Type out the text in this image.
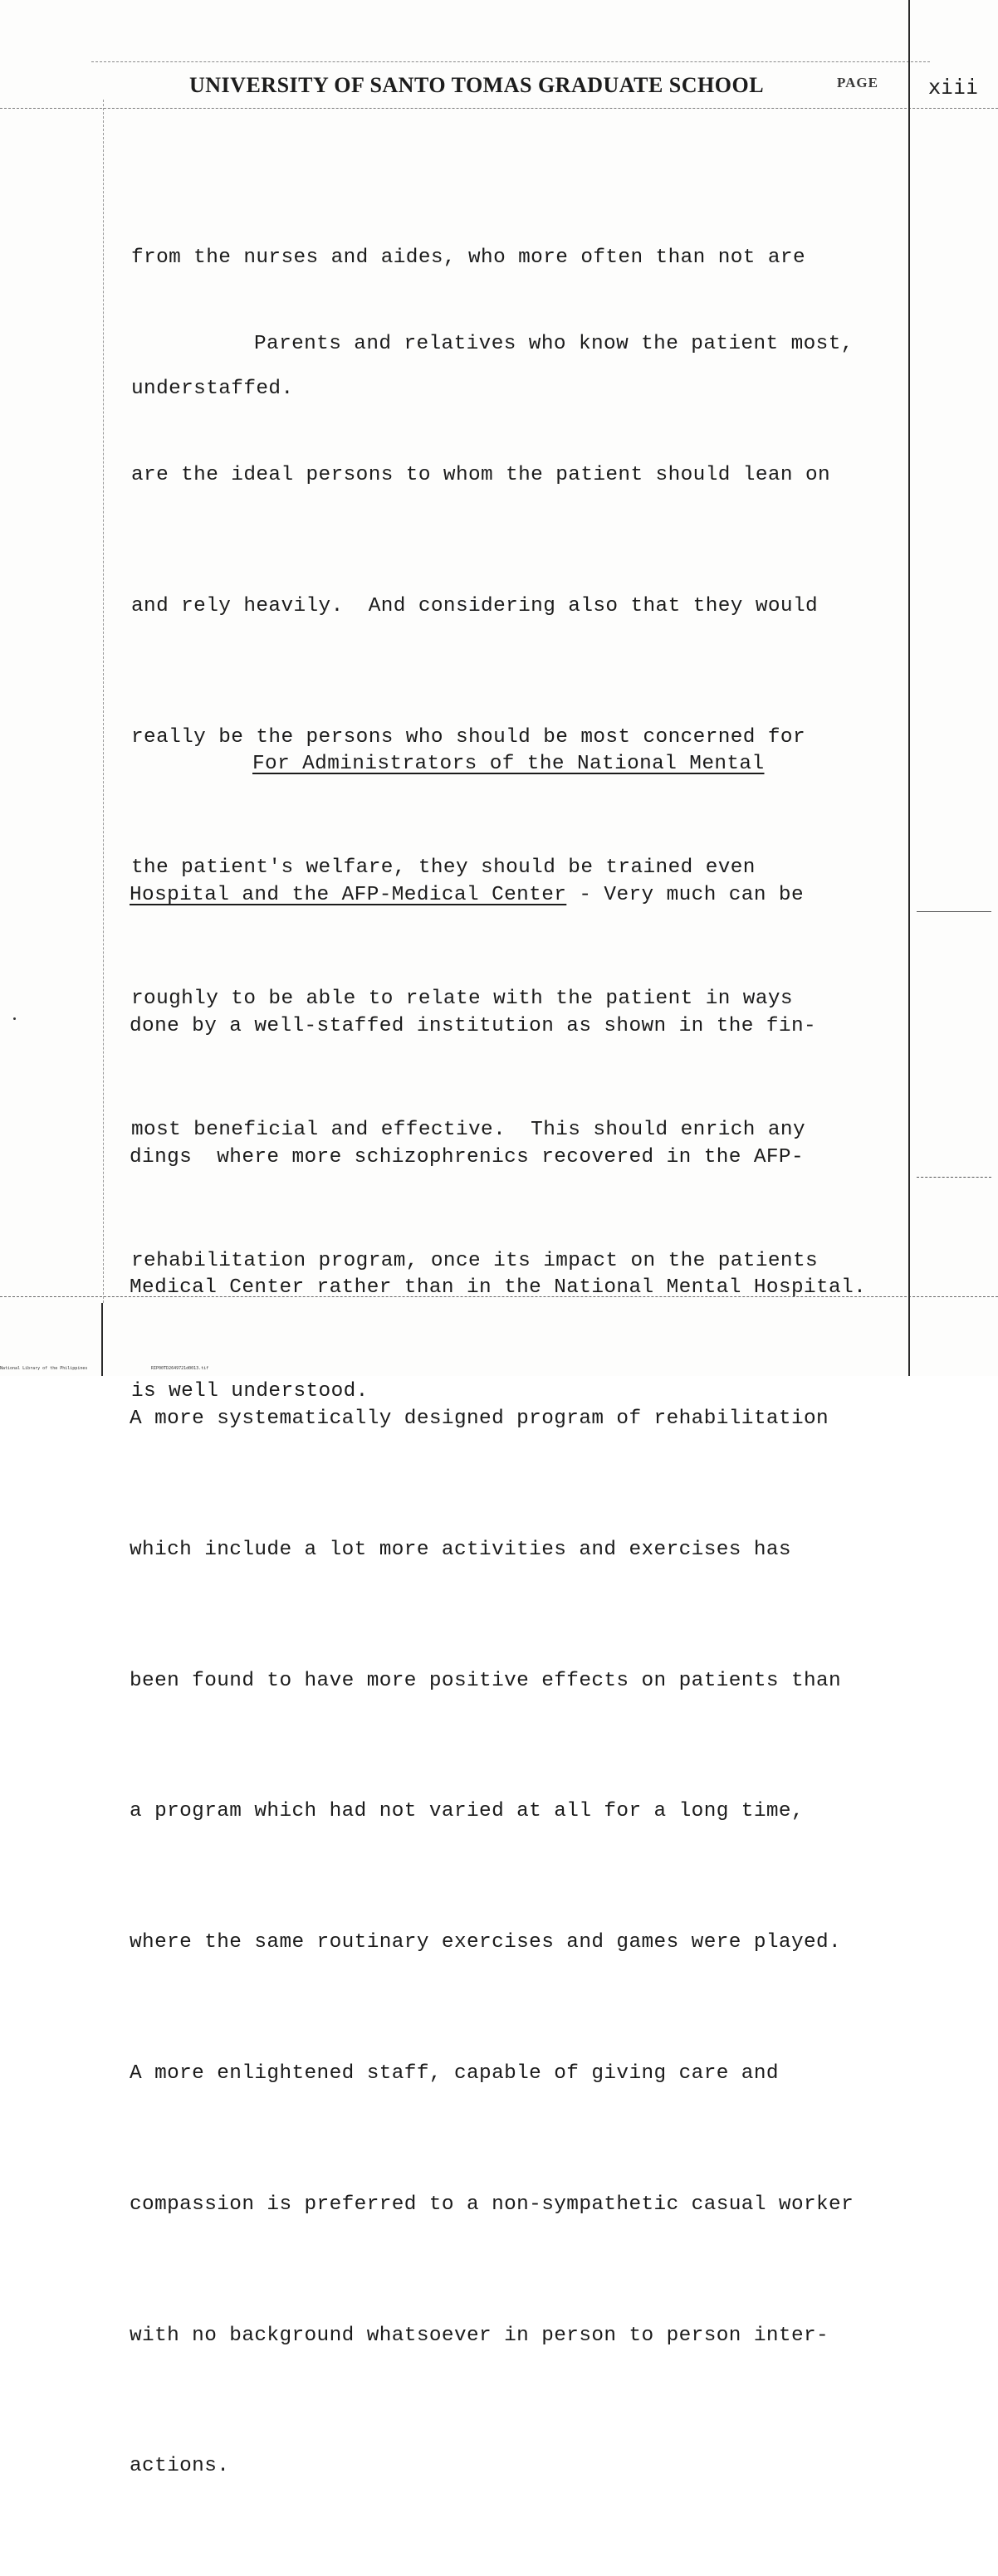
UNIVERSITY OF SANTO TOMAS GRADUATE SCHOOL	PAGE xiii

from the nurses and aides, who more often than not are

understaffed.

Parents and relatives who know the patient most,

are the ideal persons to whom the patient should lean on

and rely heavily.  And considering also that they would

really be the persons who should be most concerned for

the patient's welfare, they should be trained even

roughly to be able to relate with the patient in ways

most beneficial and effective.  This should enrich any

rehabilitation program, once its impact on the patients

is well understood.

For Administrators of the National Mental

Hospital and the AFP-Medical Center - Very much can be

done by a well-staffed institution as shown in the fin-

dings  where more schizophrenics recovered in the AFP-

Medical Center rather than in the National Mental Hospital.

A more systematically designed program of rehabilitation

which include a lot more activities and exercises has

been found to have more positive effects on patients than

a program which had not varied at all for a long time,

where the same routinary exercises and games were played.

A more enlightened staff, capable of giving care and

compassion is preferred to a non-sympathetic casual worker

with no background whatsoever in person to person inter-

actions.

National Library of the Philippines	RIP00TD2649721d0013.tif
